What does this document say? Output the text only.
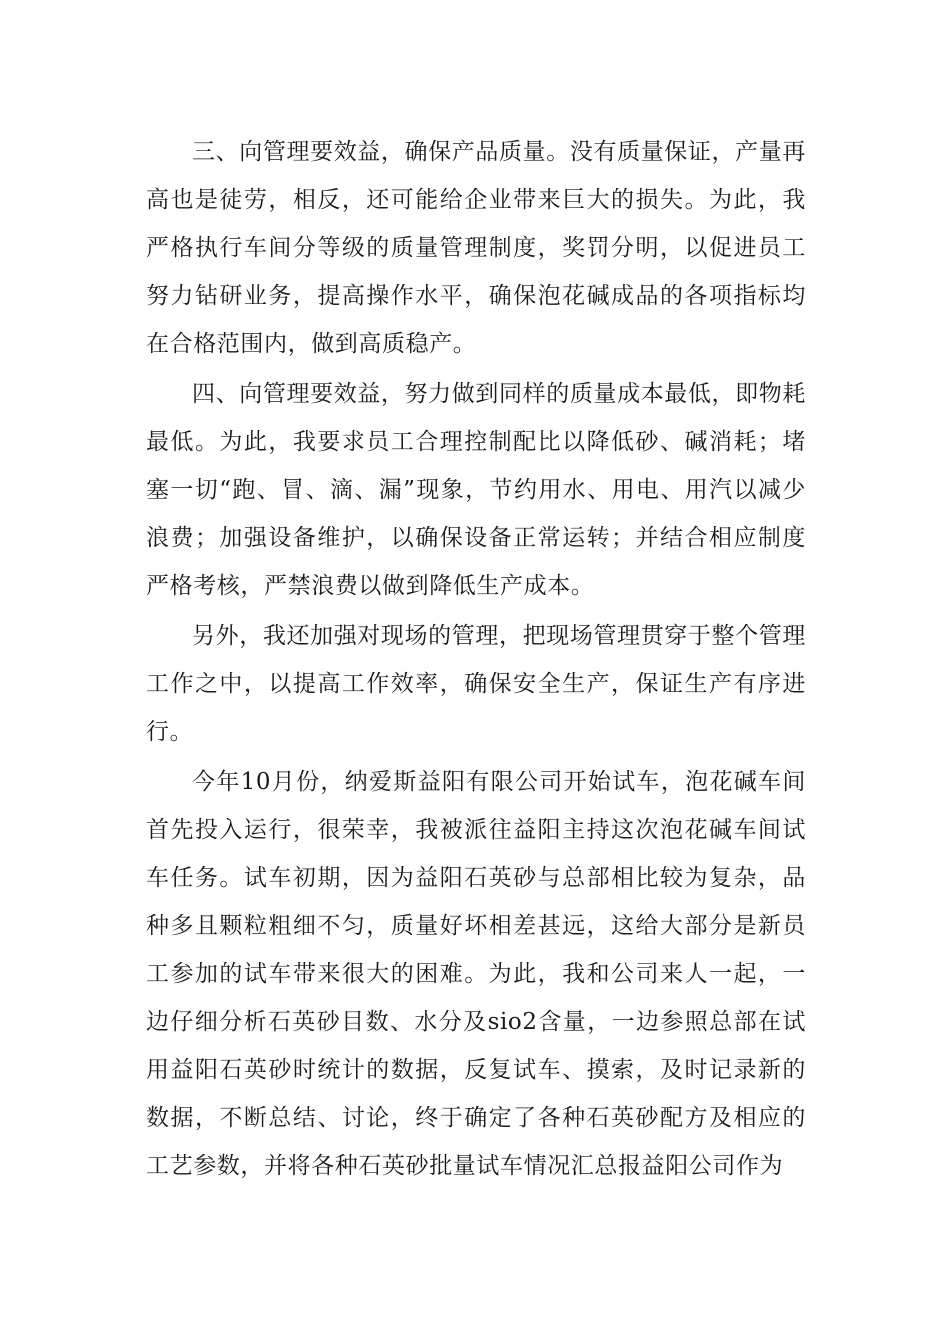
三、向管理要效益，确保产品质量。没有质量保证，产量再高也是徒劳，相反，还可能给企业带来巨大的损失。为此，我严格执行车间分等级的质量管理制度，奖罚分明，以促进员工努力钻研业务，提高操作水平，确保泡花碱成品的各项指标均在合格范围内，做到高质稳产。

四、向管理要效益，努力做到同样的质量成本最低，即物耗最低。为此，我要求员工合理控制配比以降低砂、碱消耗；堵塞一切“跑、冒、滴、漏”现象，节约用水、用电、用汽以减少浪费；加强设备维护，以确保设备正常运转；并结合相应制度严格考核，严禁浪费以做到降低生产成本。

另外，我还加强对现场的管理，把现场管理贯穿于整个管理工作之中，以提高工作效率，确保安全生产，保证生产有序进行。

今年10月份，纳爱斯益阳有限公司开始试车，泡花碱车间首先投入运行，很荣幸，我被派往益阳主持这次泡花碱车间试车任务。试车初期，因为益阳石英砂与总部相比较为复杂，品种多且颗粒粗细不匀，质量好坏相差甚远，这给大部分是新员工参加的试车带来很大的困难。为此，我和公司来人一起，一边仔细分析石英砂目数、水分及sio2含量，一边参照总部在试用益阳石英砂时统计的数据，反复试车、摸索，及时记录新的数据，不断总结、讨论，终于确定了各种石英砂配方及相应的工艺参数，并将各种石英砂批量试车情况汇总报益阳公司作为
